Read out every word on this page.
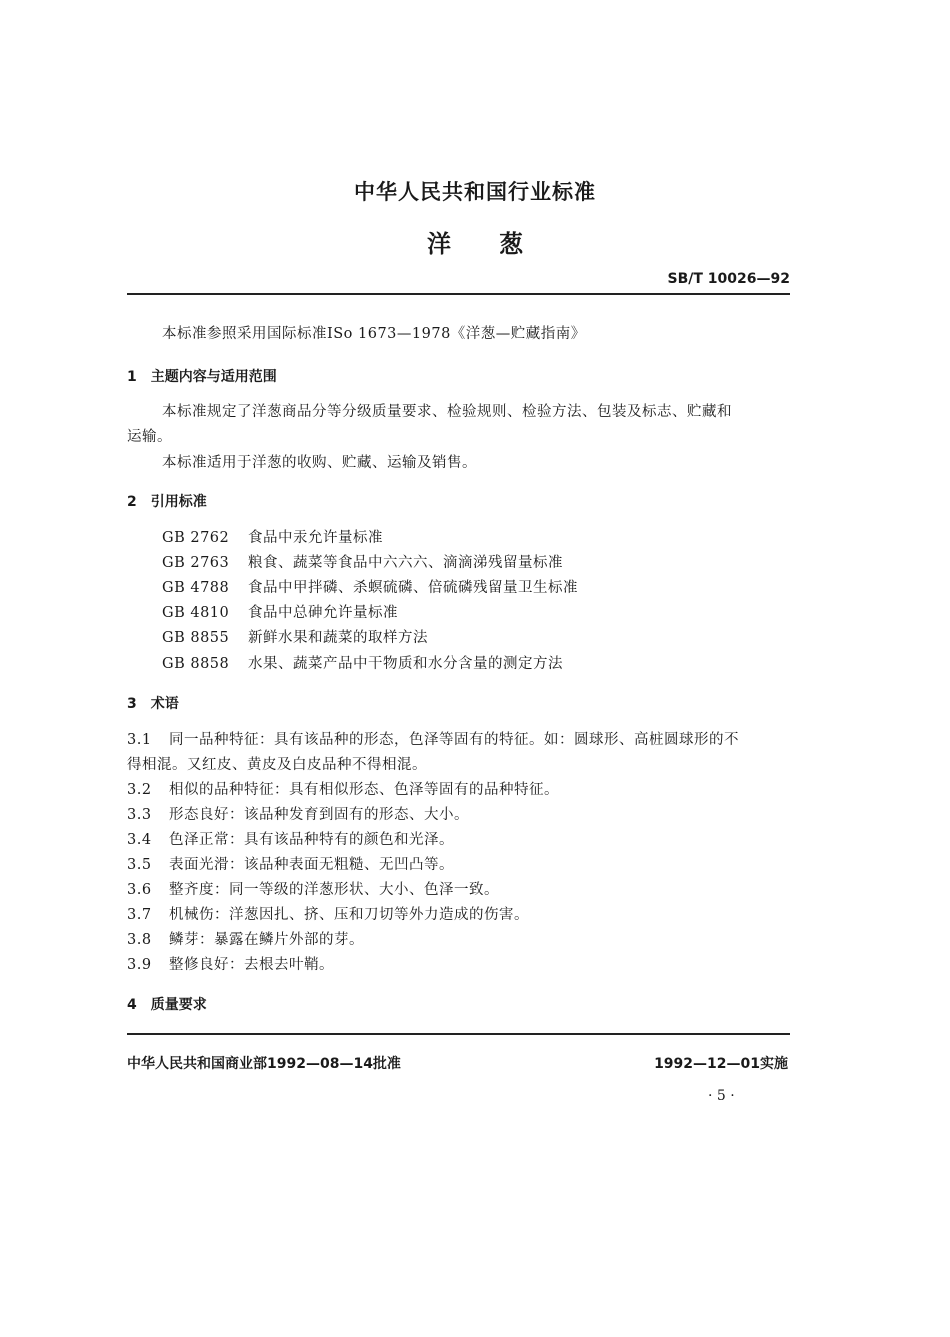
中华人民共和国行业标准
洋　　葱
SB/T 10026—92
本标准参照采用国际标准ISo 1673—1978《洋葱—贮藏指南》
1　主题内容与适用范围
本标准规定了洋葱商品分等分级质量要求、检验规则、检验方法、包装及标志、贮藏和
运输。
本标准适用于洋葱的收购、贮藏、运输及销售。
2　引用标准
GB 2762 食品中汞允许量标准
GB 2763 粮食、蔬菜等食品中六六六、滴滴涕残留量标准
GB 4788 食品中甲拌磷、杀螟硫磷、倍硫磷残留量卫生标准
GB 4810 食品中总砷允许量标准
GB 8855 新鲜水果和蔬菜的取样方法
GB 8858 水果、蔬菜产品中干物质和水分含量的测定方法
3　术语
3.1 同一品种特征：具有该品种的形态，色泽等固有的特征。如：圆球形、高桩圆球形的不
得相混。又红皮、黄皮及白皮品种不得相混。
3.2 相似的品种特征：具有相似形态、色泽等固有的品种特征。
3.3 形态良好：该品种发育到固有的形态、大小。
3.4 色泽正常：具有该品种特有的颜色和光泽。
3.5 表面光滑：该品种表面无粗糙、无凹凸等。
3.6 整齐度：同一等级的洋葱形状、大小、色泽一致。
3.7 机械伤：洋葱因扎、挤、压和刀切等外力造成的伤害。
3.8 鳞芽：暴露在鳞片外部的芽。
3.9 整修良好：去根去叶鞘。
4　质量要求
中华人民共和国商业部1992—08—14批准	1992—12—01实施
· 5 ·
